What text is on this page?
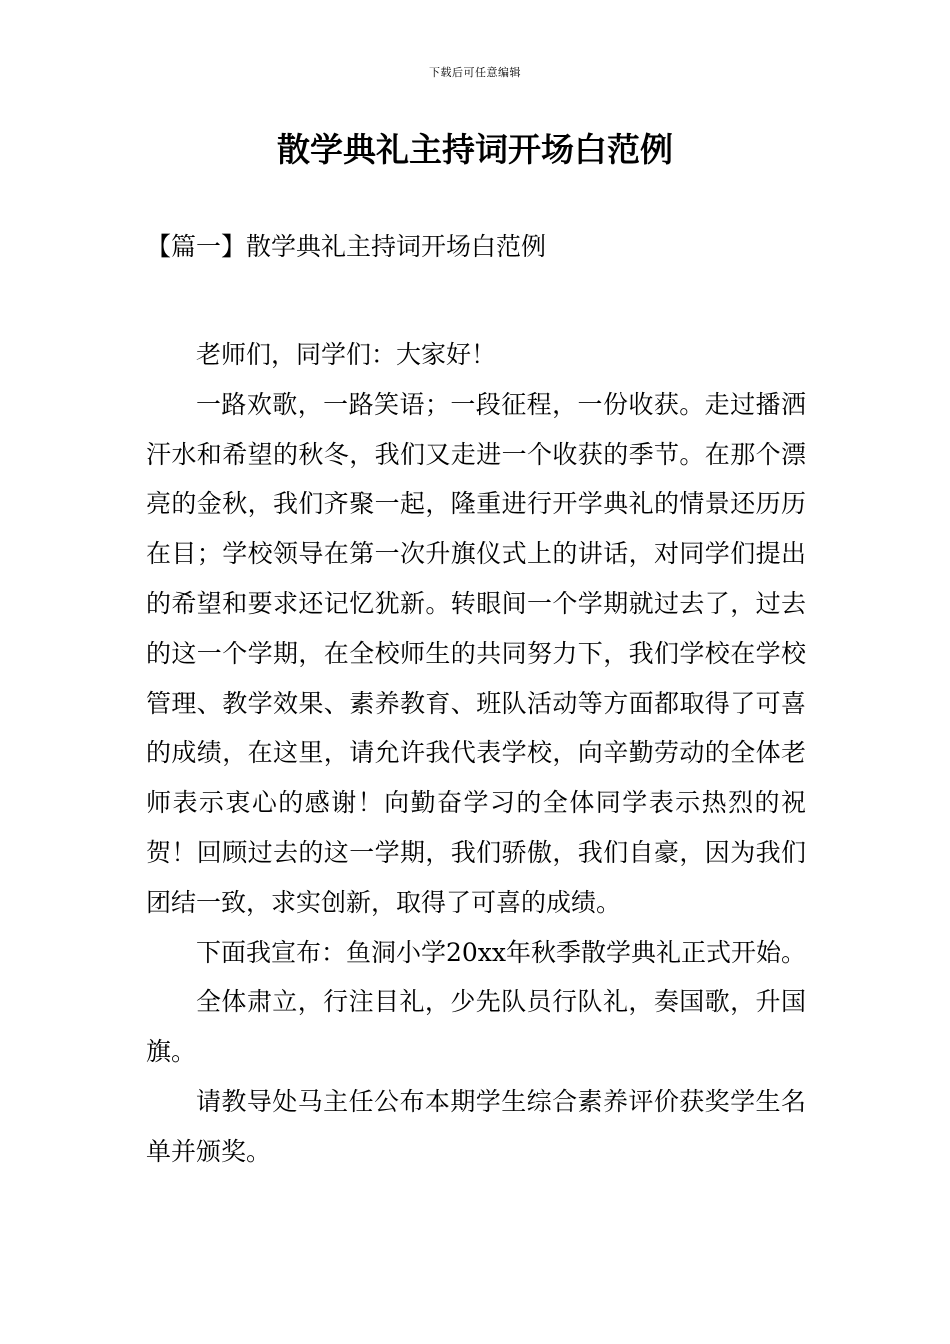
下载后可任意编辑
散学典礼主持词开场白范例
【篇一】散学典礼主持词开场白范例

老师们，同学们：大家好！

一路欢歌，一路笑语；一段征程，一份收获。走过播洒汗水和希望的秋冬，我们又走进一个收获的季节。在那个漂亮的金秋，我们齐聚一起，隆重进行开学典礼的情景还历历在目；学校领导在第一次升旗仪式上的讲话，对同学们提出的希望和要求还记忆犹新。转眼间一个学期就过去了，过去的这一个学期，在全校师生的共同努力下，我们学校在学校管理、教学效果、素养教育、班队活动等方面都取得了可喜的成绩，在这里，请允许我代表学校，向辛勤劳动的全体老师表示衷心的感谢！向勤奋学习的全体同学表示热烈的祝贺！回顾过去的这一学期，我们骄傲，我们自豪，因为我们团结一致，求实创新，取得了可喜的成绩。

下面我宣布：鱼洞小学20xx年秋季散学典礼正式开始。

全体肃立，行注目礼，少先队员行队礼，奏国歌，升国旗。

请教导处马主任公布本期学生综合素养评价获奖学生名单并颁奖。
